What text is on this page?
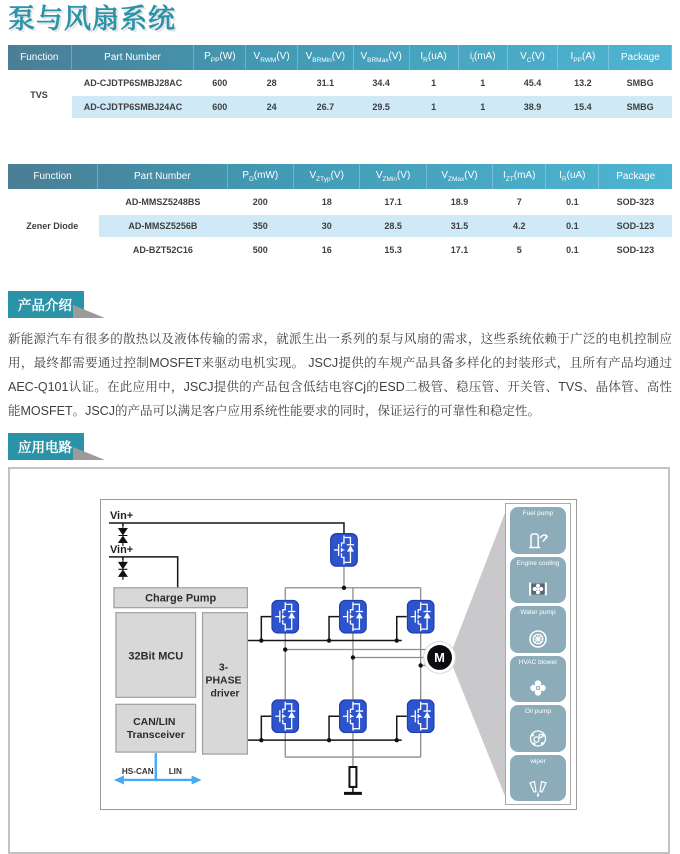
泵与风扇系统
Function	Part Number	$P_{PP}(W)$	$V_{RWM}(V)$	$V_{BRMin}(V)$	$V_{BRMax}(V)$	$I_R(uA)$	$i_t(mA)$	$V_C(V)$	$I_{PP}(A)$	Package
TVS	AD-CJDTP6SMBJ28AC	600	28	31.1	34.4	1	1	45.4	13.2	SMBG
	AD-CJDTP6SMBJ24AC	600	24	26.7	29.5	1	1	38.9	15.4	SMBG
Function	Part Number	$P_D(mW)$	$V_{ZTyp}(V)$	$V_{ZMin}(V)$	$V_{ZMax}(V)$	$I_{ZT}(mA)$	$I_R(uA)$	Package
Zener Diode	AD-MMSZ5248BS	200	18	17.1	18.9	7	0.1	SOD-323
	AD-MMSZ5256B	350	30	28.5	31.5	4.2	0.1	SOD-123
	AD-BZT52C16	500	16	15.3	17.1	5	0.1	SOD-123
产品介绍

新能源汽车有很多的散热以及液体传输的需求，就派生出一系列的泵与风扇的需求，这些系统依赖于广泛的电机控制应用，最终都需要通过控制MOSFET来驱动电机实现。 JSCJ提供的车规产品具备多样化的封装形式，且所有产品均通过AEC-Q101认证。在此应用中，JSCJ提供的产品包含低结电容Cj的ESD二极管、稳压管、开关管、TVS、晶体管、高性能MOSFET。JSCJ的产品可以满足客户应用系统性能要求的同时，保证运行的可靠性和稳定性。

应用电路
Vin+
Vin+
Charge Pump
32Bit MCU
3- PHASE driver
CAN/LIN Transceiver
HS-CAN LIN
M
Fuel pump
Engine cooling
Water pump
HVAC blower
Oil pump
wiper
